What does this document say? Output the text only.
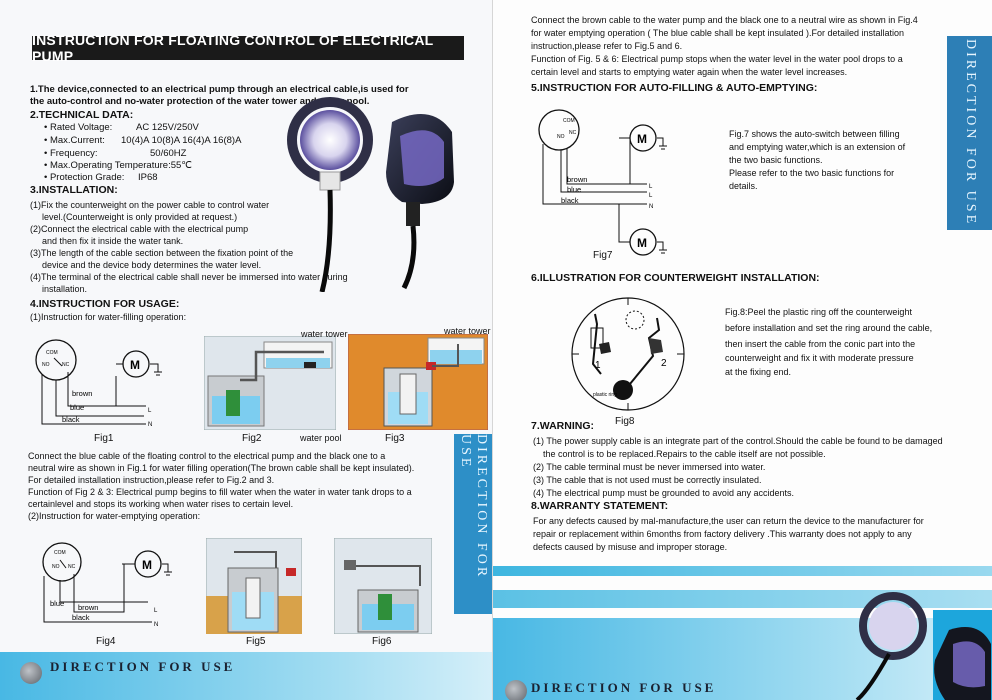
INSTRUCTION FOR FLOATING CONTROL OF ELECTRICAL PUMP
1.The device,connected to an electrical pump through an electrical cable,is used for
the auto-control and no-water protection of the water tower and water pool.
2.TECHNICAL DATA:
• Rated Voltage: AC 125V/250V
• Max.Current: 10(4)A 10(8)A 16(4)A 16(8)A
• Frequency:	50/60HZ
• Max.Operating Temperature:55℃
• Protection Grade: IP68
3.INSTALLATION:
(1)Fix the counterweight on the power cable to control water
level.(Counterweight is only provided at request.)
(2)Connect the electrical cable with the electrical pump
and then fix it inside the water tank.
(3)The length of the cable section between the fixation point of the
device and the device body determines the water level.
(4)The terminal of the electrical cable shall never be immersed into water during
installation.
4.INSTRUCTION FOR USAGE:
(1)Instruction for water-filling operation:
COM
NO	NC	M
brown
blue
black
L
N
Fig1
water tower
Fig2
water tower
water pool	Fig3	DIRECTION FOR USE
Connect the blue cable of the floating control to the electrical pump and the black one to a
neutral wire as shown in Fig.1 for water filling operation(The brown cable shall be kept insulated).
For detailed installation instruction,please refer to Fig.2 and 3.
Function of Fig 2 & 3: Electrical pump begins to fill water when the water in water tank drops to a
certainlevel and stops its working when water rises to certain level.
(2)Instruction for water-emptying operation:
COM
NO NC	M
blue brown
black
L
N
Fig4	Fig5	Fig6
DIRECTION FOR USE
Connect the brown cable to the water pump and the black one to a neutral wire as shown in Fig.4
for water emptying operation ( The blue cable shall be kept insulated ).For detailed installation
instruction,please refer to Fig.5 and 6.
Function of Fig. 5 & 6: Electrical pump stops when the water level in the water pool drops to a
certain level and starts to emptying water again when the water level increases.
5.INSTRUCTION FOR AUTO-FILLING & AUTO-EMPTYING:	DIRECTION FOR USE
COM
NO
NC	M
M
brown
blue
black
L
L
N
Fig7
Fig.7 shows the auto-switch between filling
and emptying water,which is an extension of
the two basic functions.
Please refer to the two basic functions for
details.
6.ILLUSTRATION FOR COUNTERWEIGHT INSTALLATION:
1	2
plastic ring
Fig8
Fig.8:Peel the plastic ring off the counterweight
before installation and set the ring around the cable,
then insert the cable from the conic part into the
counterweight and fix it with moderate pressure
at the fixing end.
7.WARNING:
(1) The power supply cable is an integrate part of the control.Should the cable be found to be damaged
the control is to be replaced.Repairs to the cable itself are not possible.
(2) The cable terminal must be never immersed into water.
(3) The cable that is not used must be correctly insulated.
(4) The electrical pump must be grounded to avoid any accidents.
8.WARRANTY STATEMENT:
For any defects caused by mal-manufacture,the user can return the device to the manufacturer for
repair or replacement within 6months from factory delivery .This warranty does not apply to any
defects caused by misuse and improper storage.
DIRECTION FOR USE
